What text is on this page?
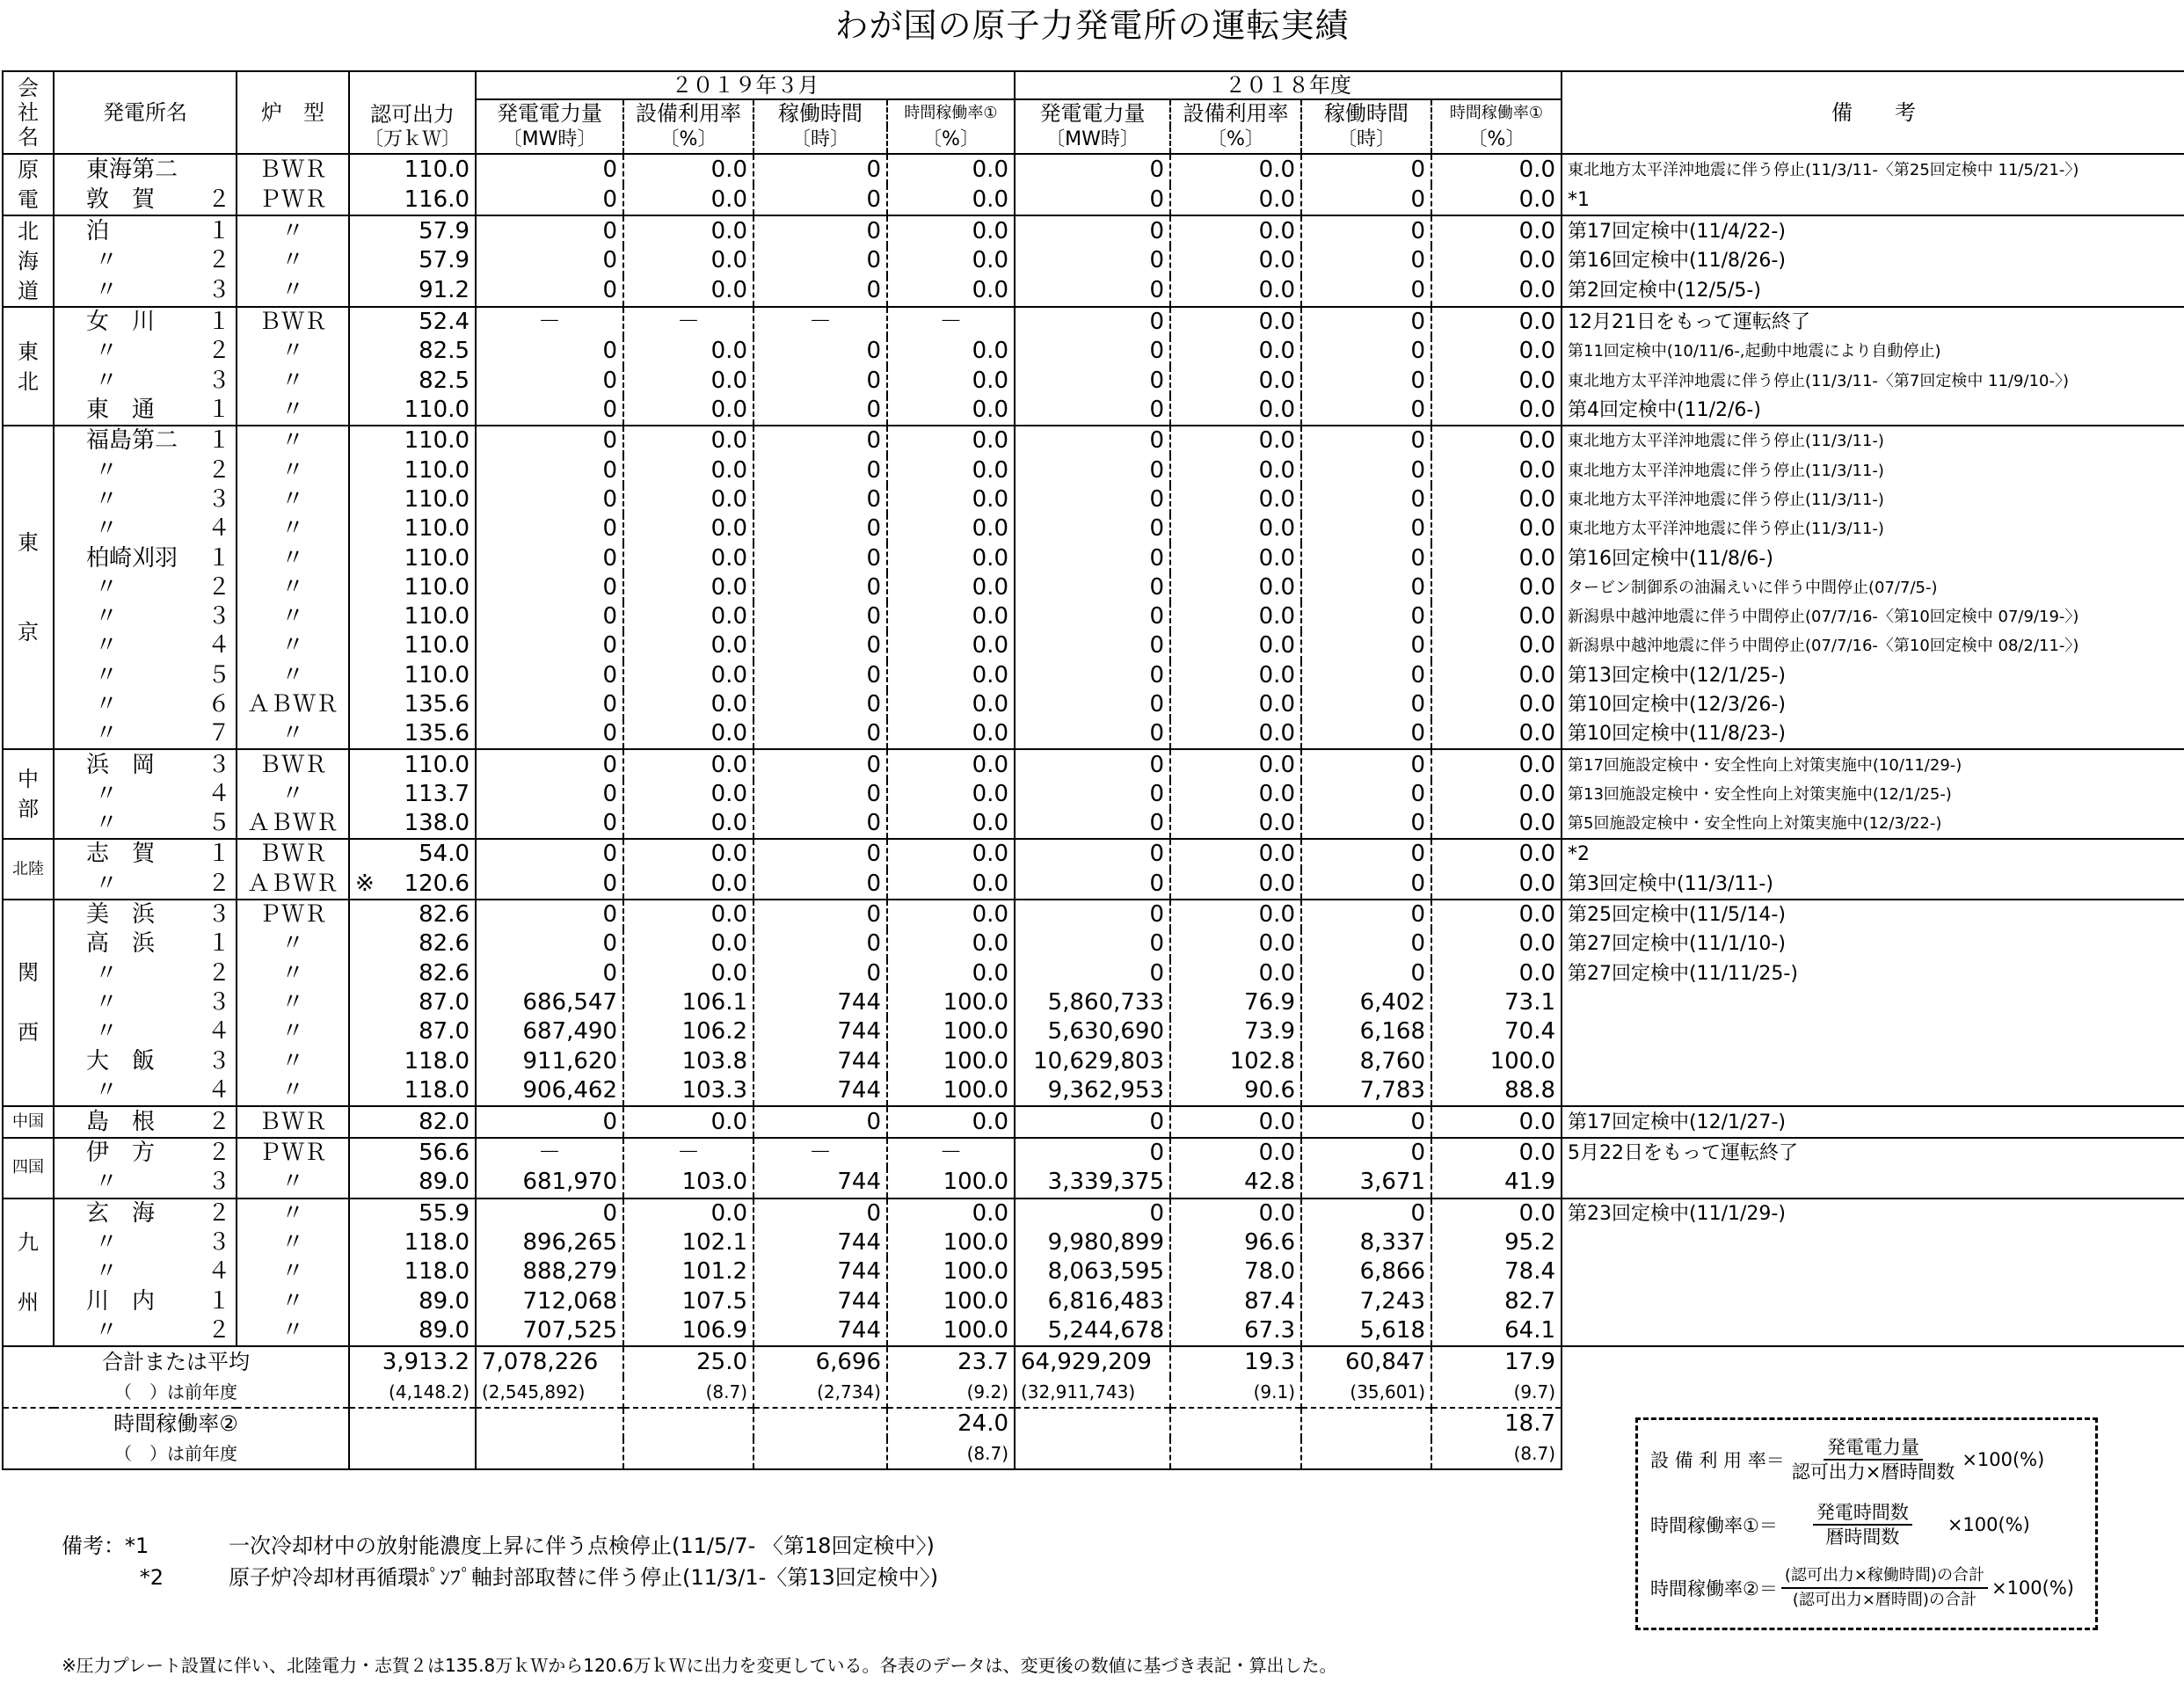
わが国の原子力発電所の運転実績
会
社
名	発電所名	炉　型	認可出力	２０１９年３月				２０１８年度				備　　考
				発電電力量	設備利用率	稼働時間	時間稼働率①	発電電力量	設備利用率	稼働時間	時間稼働率①	
			〔万ｋＷ〕	〔MW時〕	〔%〕	〔時〕	〔%〕	〔MW時〕	〔%〕	〔時〕	〔%〕	
原
電	東海第二	ＢＷＲ	110.0	0	0.0	0	0.0	0	0.0	0	0.0	東北地方太平洋沖地震に伴う停止(11/3/11-〈第25回定検中 11/5/21-〉)

	敦　賀 ２	ＰＷＲ	116.0	0	0.0	0	0.0	0	0.0	0	0.0	*1
北
海
道	泊 １	〃	57.9	0	0.0	0	0.0	0	0.0	0	0.0	第17回定検中(11/4/22-)

	〃 ２	〃	57.9	0	0.0	0	0.0	0	0.0	0	0.0	第16回定検中(11/8/26-)

	〃 ３	〃	91.2	0	0.0	0	0.0	0	0.0	0	0.0	第2回定検中(12/5/5-)
東
北	女　川 １	ＢＷＲ	52.4	－	－	－	－	0	0.0	0	0.0	12月21日をもって運転終了

	〃 ２	〃	82.5	0	0.0	0	0.0	0	0.0	0	0.0	第11回定検中(10/11/6-,起動中地震により自動停止)

	〃 ３	〃	82.5	0	0.0	0	0.0	0	0.0	0	0.0	東北地方太平洋沖地震に伴う停止(11/3/11-〈第7回定検中 11/9/10-〉)

	東　通 １	〃	110.0	0	0.0	0	0.0	0	0.0	0	0.0	第4回定検中(11/2/6-)
東

京	福島第二 １	〃	110.0	0	0.0	0	0.0	0	0.0	0	0.0	東北地方太平洋沖地震に伴う停止(11/3/11-)

	〃 ２	〃	110.0	0	0.0	0	0.0	0	0.0	0	0.0	東北地方太平洋沖地震に伴う停止(11/3/11-)

	〃 ３	〃	110.0	0	0.0	0	0.0	0	0.0	0	0.0	東北地方太平洋沖地震に伴う停止(11/3/11-)

	〃 ４	〃	110.0	0	0.0	0	0.0	0	0.0	0	0.0	東北地方太平洋沖地震に伴う停止(11/3/11-)

	柏崎刈羽 １	〃	110.0	0	0.0	0	0.0	0	0.0	0	0.0	第16回定検中(11/8/6-)

	〃 ２	〃	110.0	0	0.0	0	0.0	0	0.0	0	0.0	タービン制御系の油漏えいに伴う中間停止(07/7/5-)

	〃 ３	〃	110.0	0	0.0	0	0.0	0	0.0	0	0.0	新潟県中越沖地震に伴う中間停止(07/7/16-〈第10回定検中 07/9/19-〉)

	〃 ４	〃	110.0	0	0.0	0	0.0	0	0.0	0	0.0	新潟県中越沖地震に伴う中間停止(07/7/16-〈第10回定検中 08/2/11-〉)

	〃 ５	〃	110.0	0	0.0	0	0.0	0	0.0	0	0.0	第13回定検中(12/1/25-)

	〃 ６	ＡＢＷＲ	135.6	0	0.0	0	0.0	0	0.0	0	0.0	第10回定検中(12/3/26-)

	〃 ７	〃	135.6	0	0.0	0	0.0	0	0.0	0	0.0	第10回定検中(11/8/23-)
中
部	浜　岡 ３	ＢＷＲ	110.0	0	0.0	0	0.0	0	0.0	0	0.0	第17回施設定検中・安全性向上対策実施中(10/11/29-)

	〃 ４	〃	113.7	0	0.0	0	0.0	0	0.0	0	0.0	第13回施設定検中・安全性向上対策実施中(12/1/25-)

	〃 ５	ＡＢＷＲ	138.0	0	0.0	0	0.0	0	0.0	0	0.0	第5回施設定検中・安全性向上対策実施中(12/3/22-)
北陸	志　賀 １	ＢＷＲ	54.0	0	0.0	0	0.0	0	0.0	0	0.0	*2

	〃 ２	ＡＢＷＲ	※ 120.6	0	0.0	0	0.0	0	0.0	0	0.0	第3回定検中(11/3/11-)
関

西	美　浜 ３	ＰＷＲ	82.6	0	0.0	0	0.0	0	0.0	0	0.0	第25回定検中(11/5/14-)

	高　浜 １	〃	82.6	0	0.0	0	0.0	0	0.0	0	0.0	第27回定検中(11/1/10-)

	〃 ２	〃	82.6	0	0.0	0	0.0	0	0.0	0	0.0	第27回定検中(11/11/25-)

	〃 ３	〃	87.0	686,547	106.1	744	100.0	5,860,733	76.9	6,402	73.1	

	〃 ４	〃	87.0	687,490	106.2	744	100.0	5,630,690	73.9	6,168	70.4	

	大　飯 ３	〃	118.0	911,620	103.8	744	100.0	10,629,803	102.8	8,760	100.0	

	〃 ４	〃	118.0	906,462	103.3	744	100.0	9,362,953	90.6	7,783	88.8	
中国	島　根 ２	ＢＷＲ	82.0	0	0.0	0	0.0	0	0.0	0	0.0	第17回定検中(12/1/27-)
四国	伊　方 ２	ＰＷＲ	56.6	－	－	－	－	0	0.0	0	0.0	5月22日をもって運転終了

	〃 ３	〃	89.0	681,970	103.0	744	100.0	3,339,375	42.8	3,671	41.9	
九

州	玄　海 ２	〃	55.9	0	0.0	0	0.0	0	0.0	0	0.0	第23回定検中(11/1/29-)

	〃 ３	〃	118.0	896,265	102.1	744	100.0	9,980,899	96.6	8,337	95.2	

	〃 ４	〃	118.0	888,279	101.2	744	100.0	8,063,595	78.0	6,866	78.4	

	川　内 １	〃	89.0	712,068	107.5	744	100.0	6,816,483	87.4	7,243	82.7	

	〃 ２	〃	89.0	707,525	106.9	744	100.0	5,244,678	67.3	5,618	64.1	
合計または平均			3,913.2	7,078,226	25.0	6,696	23.7	64,929,209	19.3	60,847	17.9	
（　）は前年度			(4,148.2)	(2,545,892)	(8.7)	(2,734)	(9.2)	(32,911,743)	(9.1)	(35,601)	(9.7)	
時間稼働率②							24.0				18.7	
（　）は前年度							(8.7)				(8.7)		設 備 利 用 率＝ $\frac{\text{発電電力量}}{\text{認可出力×暦時間数}} \times 100(\%)$
時間稼働率①＝ $\frac{\text{発電時間数}}{\text{暦時間数}} \times 100(\%)$
時間稼働率②＝ $\frac{\text{(認可出力×稼働時間)の合計}}{\text{(認可出力×暦時間)の合計}} \times 100(\%)$
備考：*1	一次冷却材中の放射能濃度上昇に伴う点検停止(11/5/7- 〈第18回定検中〉)
*2	原子炉冷却材再循環ﾎﾟﾝﾌﾟ軸封部取替に伴う停止(11/3/1-〈第13回定検中〉)
※圧力プレート設置に伴い、北陸電力・志賀２は135.8万ｋＷから120.6万ｋＷに出力を変更している。各表のデータは、変更後の数値に基づき表記・算出した。
